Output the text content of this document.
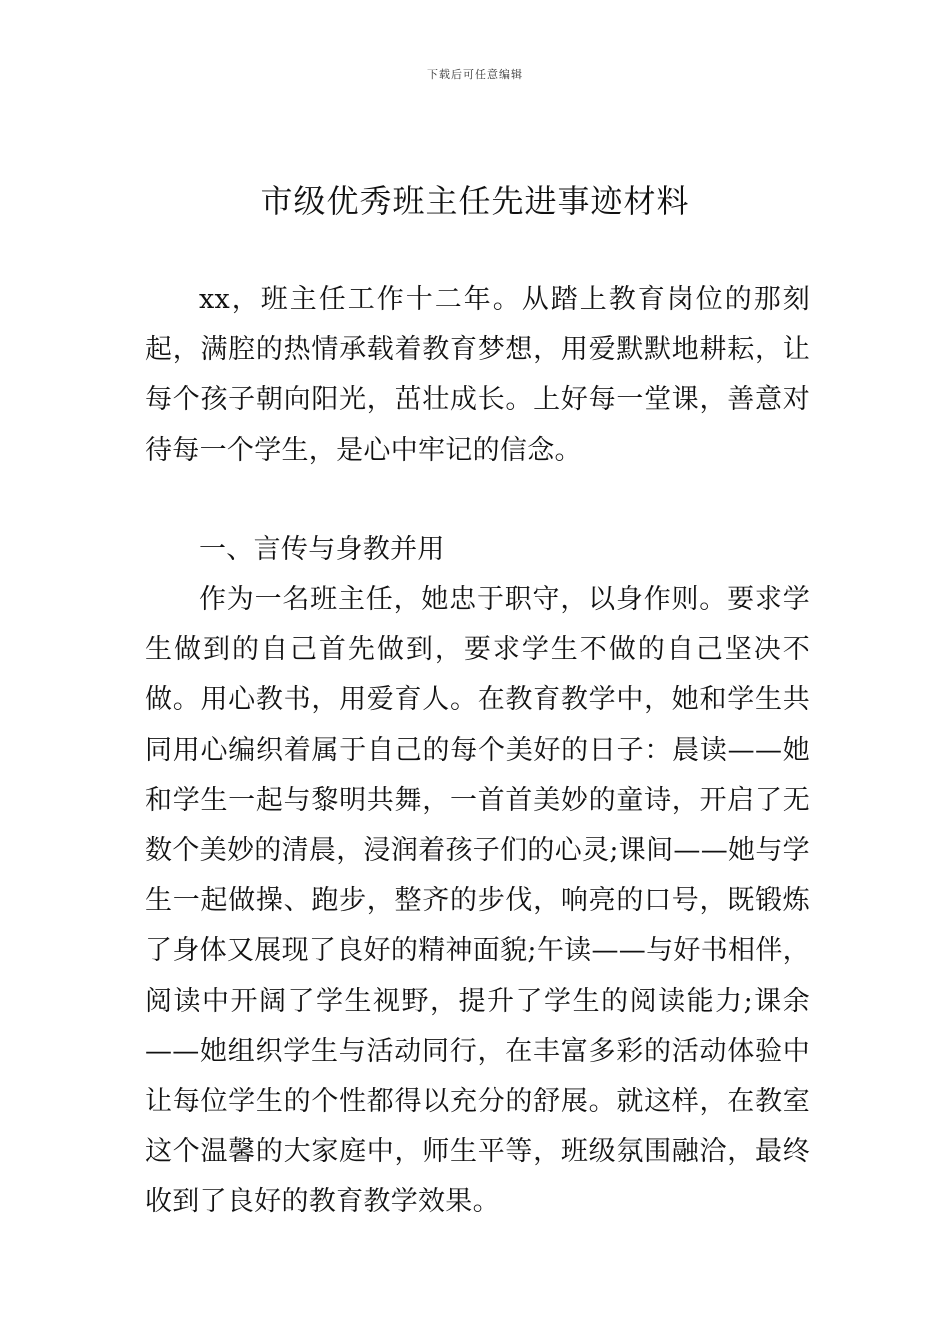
下载后可任意编辑
市级优秀班主任先进事迹材料

xx，班主任工作十二年。从踏上教育岗位的那刻起，满腔的热情承载着教育梦想，用爱默默地耕耘，让每个孩子朝向阳光，茁壮成长。上好每一堂课，善意对待每一个学生，是心中牢记的信念。

一、言传与身教并用

作为一名班主任，她忠于职守，以身作则。要求学生做到的自己首先做到，要求学生不做的自己坚决不做。用心教书，用爱育人。在教育教学中，她和学生共同用心编织着属于自己的每个美好的日子：晨读——她和学生一起与黎明共舞，一首首美妙的童诗，开启了无数个美妙的清晨，浸润着孩子们的心灵;课间——她与学生一起做操、跑步，整齐的步伐，响亮的口号，既锻炼了身体又展现了良好的精神面貌;午读——与好书相伴，阅读中开阔了学生视野，提升了学生的阅读能力;课余——她组织学生与活动同行，在丰富多彩的活动体验中让每位学生的个性都得以充分的舒展。就这样，在教室这个温馨的大家庭中，师生平等，班级氛围融洽，最终收到了良好的教育教学效果。
